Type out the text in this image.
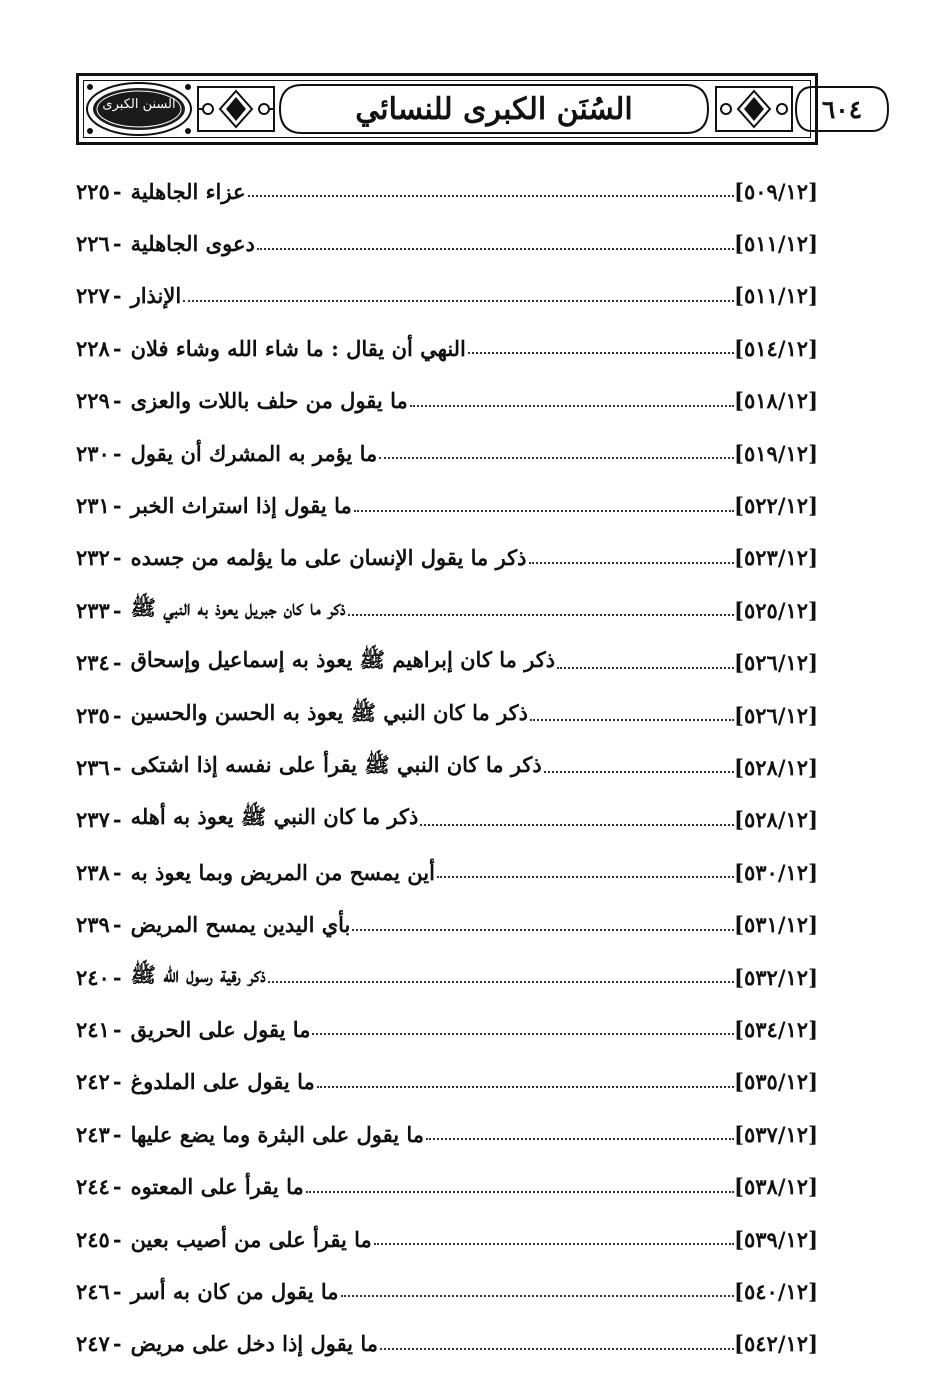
السنن الكبرى	السُنَن الكبرى للنسائي	٦٠٤
٢٢٥ - عزاء الجاهلية	[٥٠٩/١٢]
٢٢٦ - دعوى الجاهلية	[٥١١/١٢]
٢٢٧ - الإنذار	[٥١١/١٢]
٢٢٨ - النهي أن يقال : ما شاء الله وشاء فلان	[٥١٤/١٢]
٢٢٩ - ما يقول من حلف باللات والعزى	[٥١٨/١٢]
٢٣٠ - ما يؤمر به المشرك أن يقول	[٥١٩/١٢]
٢٣١ - ما يقول إذا استراث الخبر	[٥٢٢/١٢]
٢٣٢ - ذكر ما يقول الإنسان على ما يؤلمه من جسده	[٥٢٣/١٢]
٢٣٣ - ذكر ما كان جبريل يعوذ به النبي ﷺ	[٥٢٥/١٢]
٢٣٤ - ذكر ما كان إبراهيم ﷺ يعوذ به إسماعيل وإسحاق	[٥٢٦/١٢]
٢٣٥ - ذكر ما كان النبي ﷺ يعوذ به الحسن والحسين	[٥٢٦/١٢]
٢٣٦ - ذكر ما كان النبي ﷺ يقرأ على نفسه إذا اشتكى	[٥٢٨/١٢]
٢٣٧ - ذكر ما كان النبي ﷺ يعوذ به أهله	[٥٢٨/١٢]
٢٣٨ - أين يمسح من المريض وبما يعوذ به	[٥٣٠/١٢]
٢٣٩ - بأي اليدين يمسح المريض	[٥٣١/١٢]
٢٤٠ - ذكر رقية رسول الله ﷺ	[٥٣٢/١٢]
٢٤١ - ما يقول على الحريق	[٥٣٤/١٢]
٢٤٢ - ما يقول على الملدوغ	[٥٣٥/١٢]
٢٤٣ - ما يقول على البثرة وما يضع عليها	[٥٣٧/١٢]
٢٤٤ - ما يقرأ على المعتوه	[٥٣٨/١٢]
٢٤٥ - ما يقرأ على من أصيب بعين	[٥٣٩/١٢]
٢٤٦ - ما يقول من كان به أسر	[٥٤٠/١٢]
٢٤٧ - ما يقول إذا دخل على مريض	[٥٤٢/١٢]
